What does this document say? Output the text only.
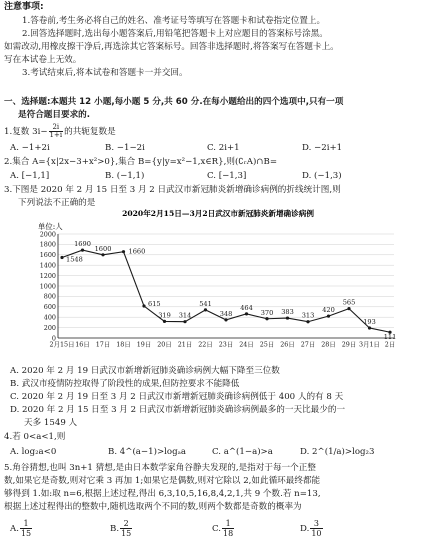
注意事项:
1.答卷前,考生务必将自己的姓名、准考证号等填写在答题卡和试卷指定位置上。
2.回答选择题时,选出每小题答案后,用铅笔把答题卡上对应题目的答案标号涂黑。
如需改动,用橡皮擦干净后,再选涂其它答案标号。回答非选择题时,将答案写在答题卡上。
写在本试卷上无效。
3.考试结束后,将本试卷和答题卡一并交回。
一、选择题:本题共 12 小题,每小题 5 分,共 60 分.在每小题给出的四个选项中,只有一项
是符合题目要求的.
1.复数 $3i- \frac{2i}{1+i}$ 的共轭复数是
A. −1+2i	B. −1−2i	C. 2i+1	D. −2i+1
2.集合 A={x|2x−3+x²>0},集合 B={y|y=x²−1,x∈R},则(∁ᵣA)∩B=
A. [−1,1]	B. (−1,1)	C. [−1,3]	D. (−1,3)
3.下图是 2020 年 2 月 15 日至 3 月 2 日武汉市新冠肺炎新增确诊病例的折线统计图,则
下列说法不正确的是
2020年2月15日—3月2日武汉市新冠肺炎新增确诊病例
单位:人
0
200
400
600
800
1000
1200
1400
1600
1800
2000
2月15日 16日 17日 18日 19日 20日 21日 22日 23日 24日 25日 26日 27日 28日 29日 3月1日 2日
1548
1690
1600	1660
615
319 314
541
348
464
370 383 313
420
565
193
111
A. 2020 年 2 月 19 日武汉市新增新冠肺炎确诊病例大幅下降至三位数
B. 武汉市疫情防控取得了阶段性的成果,但防控要求不能降低
C. 2020 年 2 月 19 日至 3 月 2 日武汉市新增新冠肺炎确诊病例低于 400 人的有 8 天
D. 2020 年 2 月 15 日至 3 月 2 日武汉市新增新冠肺炎确诊病例最多的一天比最少的一
天多 1549 人
4.若 0<a<1,则
A. log₂a<0	B. 4^(a−1)>logₐa	C. a^(1−a)>a	D. 2^(1/a)>log₂3
5.角谷猜想,也叫 3n+1 猜想,是由日本数学家角谷静夫发现的,是指对于每一个正整
数,如果它是奇数,则对它乘 3 再加 1;如果它是偶数,则对它除以 2,如此循环最终都能
够得到 1.如:取 n=6,根据上述过程,得出 6,3,10,5,16,8,4,2,1,共 9 个数.若 n=13,
根据上述过程得出的整数中,随机选取两个不同的数,则两个数都是奇数的概率为
A. $\frac{1}{15}$	B. $\frac{2}{15}$	C. $\frac{1}{18}$	D. $\frac{3}{10}$
